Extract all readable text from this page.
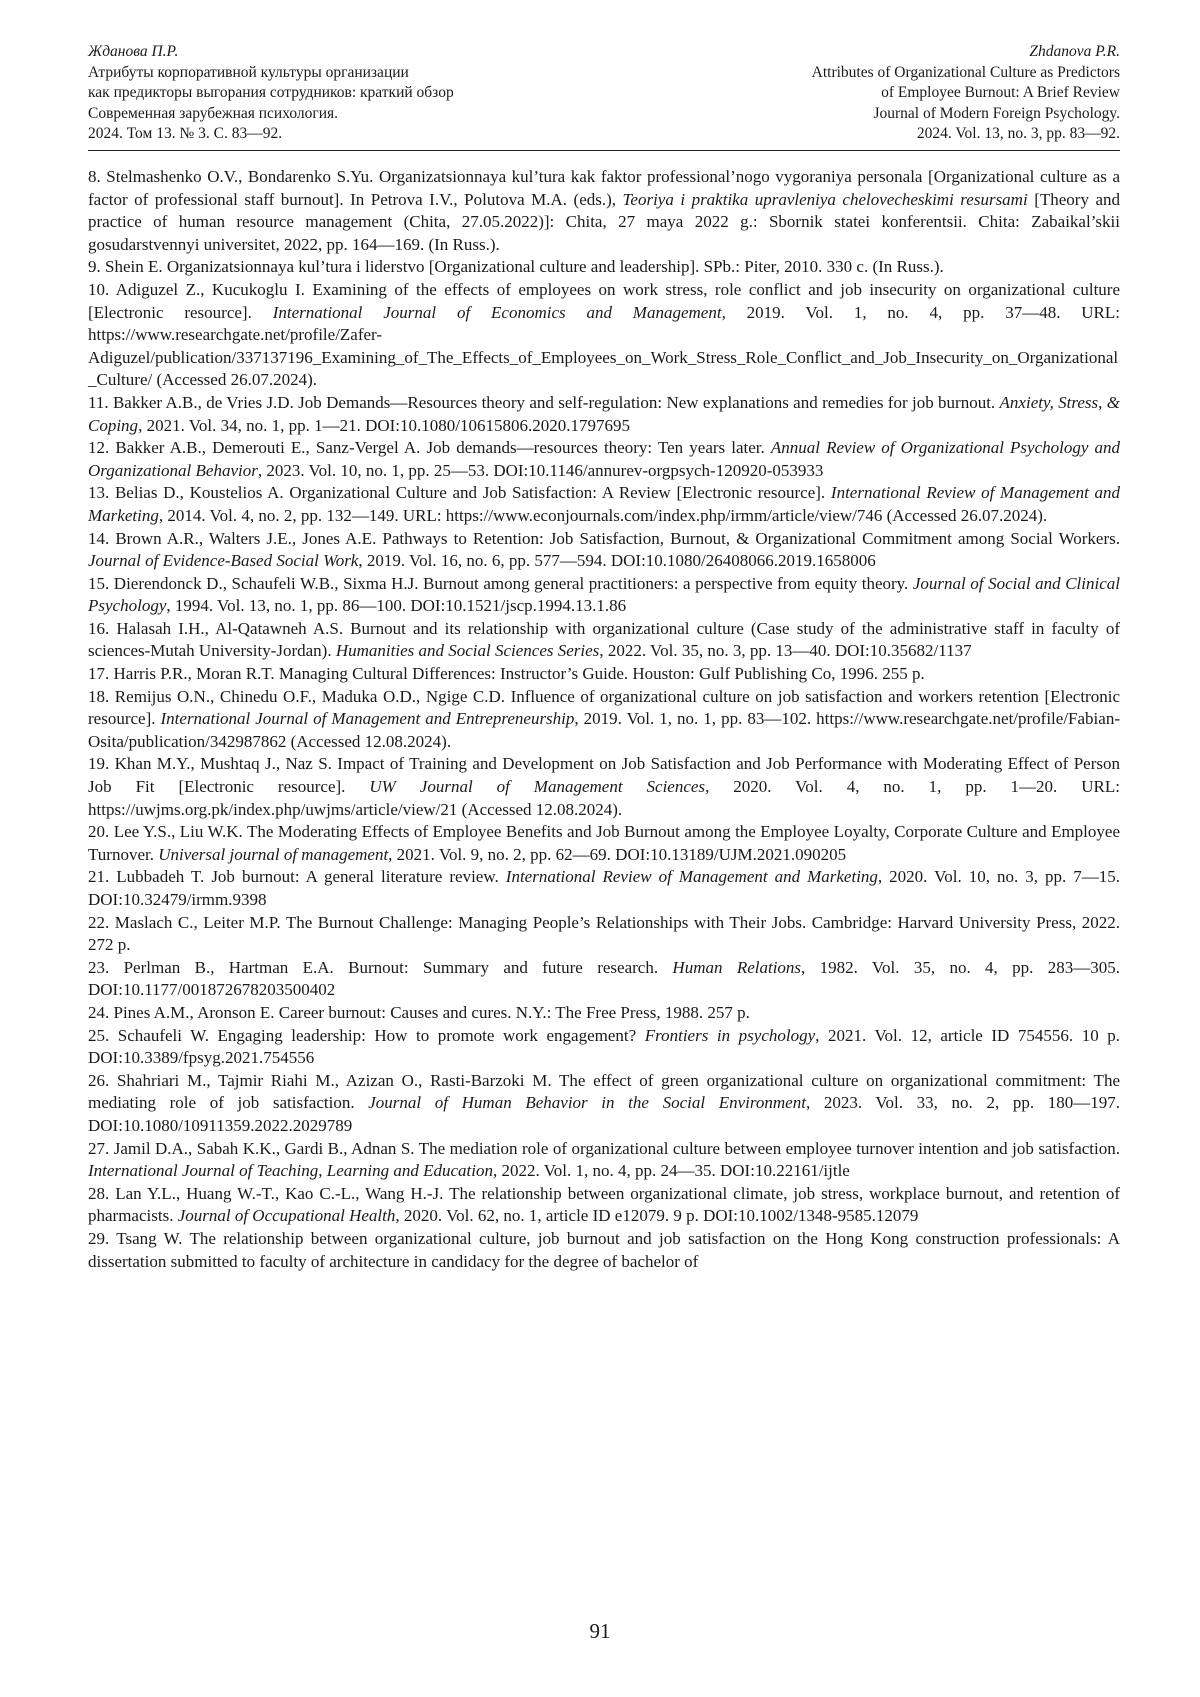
Жданова П.Р.
Атрибуты корпоративной культуры организации
как предикторы выгорания сотрудников: краткий обзор
Современная зарубежная психология.
2024. Том 13. № 3. С. 83—92.
Zhdanova P.R.
Attributes of Organizational Culture as Predictors
of Employee Burnout: A Brief Review
Journal of Modern Foreign Psychology.
2024. Vol. 13, no. 3, pp. 83—92.

8. Stelmashenko O.V., Bondarenko S.Yu. Organizatsionnaya kul’tura kak faktor professional’nogo vygoraniya personala [Organizational culture as a factor of professional staff burnout]. In Petrova I.V., Polutova M.A. (eds.), Teoriya i praktika upravleniya chelovecheskimi resursami [Theory and practice of human resource management (Chita, 27.05.2022)]: Chita, 27 maya 2022 g.: Sbornik statei konferentsii. Chita: Zabaikal’skii gosudarstvennyi universitet, 2022, pp. 164—169. (In Russ.).

9. Shein E. Organizatsionnaya kul’tura i liderstvo [Organizational culture and leadership]. SPb.: Piter, 2010. 330 c. (In Russ.).

10. Adiguzel Z., Kucukoglu I. Examining of the effects of employees on work stress, role conflict and job insecurity on organizational culture [Electronic resource]. International Journal of Economics and Management, 2019. Vol. 1, no. 4, pp. 37—48. URL: https://www.researchgate.net/profile/Zafer-Adiguzel/publication/337137196_Examining_of_The_Effects_of_Employees_on_Work_Stress_Role_Conflict_and_Job_Insecurity_on_Organizational_Culture/ (Accessed 26.07.2024).

11. Bakker A.B., de Vries J.D. Job Demands—Resources theory and self-regulation: New explanations and remedies for job burnout. Anxiety, Stress, & Coping, 2021. Vol. 34, no. 1, pp. 1—21. DOI:10.1080/10615806.2020.1797695

12. Bakker A.B., Demerouti E., Sanz-Vergel A. Job demands—resources theory: Ten years later. Annual Review of Organizational Psychology and Organizational Behavior, 2023. Vol. 10, no. 1, pp. 25—53. DOI:10.1146/annurev-orgpsych-120920-053933

13. Belias D., Koustelios A. Organizational Culture and Job Satisfaction: A Review [Electronic resource]. International Review of Management and Marketing, 2014. Vol. 4, no. 2, pp. 132—149. URL: https://www.econjournals.com/index.php/irmm/article/view/746 (Accessed 26.07.2024).

14. Brown A.R., Walters J.E., Jones A.E. Pathways to Retention: Job Satisfaction, Burnout, & Organizational Commitment among Social Workers. Journal of Evidence-Based Social Work, 2019. Vol. 16, no. 6, pp. 577—594. DOI:10.1080/26408066.2019.1658006

15. Dierendonck D., Schaufeli W.B., Sixma H.J. Burnout among general practitioners: a perspective from equity theory. Journal of Social and Clinical Psychology, 1994. Vol. 13, no. 1, pp. 86—100. DOI:10.1521/jscp.1994.13.1.86

16. Halasah I.H., Al-Qatawneh A.S. Burnout and its relationship with organizational culture (Case study of the administrative staff in faculty of sciences-Mutah University-Jordan). Humanities and Social Sciences Series, 2022. Vol. 35, no. 3, pp. 13—40. DOI:10.35682/1137

17. Harris P.R., Moran R.T. Managing Cultural Differences: Instructor’s Guide. Houston: Gulf Publishing Co, 1996. 255 p.

18. Remijus O.N., Chinedu O.F., Maduka O.D., Ngige C.D. Influence of organizational culture on job satisfaction and workers retention [Electronic resource]. International Journal of Management and Entrepreneurship, 2019. Vol. 1, no. 1, pp. 83—102. https://www.researchgate.net/profile/Fabian-Osita/publication/342987862 (Accessed 12.08.2024).

19. Khan M.Y., Mushtaq J., Naz S. Impact of Training and Development on Job Satisfaction and Job Performance with Moderating Effect of Person Job Fit [Electronic resource]. UW Journal of Management Sciences, 2020. Vol. 4, no. 1, pp. 1—20. URL: https://uwjms.org.pk/index.php/uwjms/article/view/21 (Accessed 12.08.2024).

20. Lee Y.S., Liu W.K. The Moderating Effects of Employee Benefits and Job Burnout among the Employee Loyalty, Corporate Culture and Employee Turnover. Universal journal of management, 2021. Vol. 9, no. 2, pp. 62—69. DOI:10.13189/UJM.2021.090205

21. Lubbadeh T. Job burnout: A general literature review. International Review of Management and Marketing, 2020. Vol. 10, no. 3, pp. 7—15. DOI:10.32479/irmm.9398

22. Maslach C., Leiter M.P. The Burnout Challenge: Managing People’s Relationships with Their Jobs. Cambridge: Harvard University Press, 2022. 272 p.

23. Perlman B., Hartman E.A. Burnout: Summary and future research. Human Relations, 1982. Vol. 35, no. 4, pp. 283—305. DOI:10.1177/001872678203500402

24. Pines A.M., Aronson E. Career burnout: Causes and cures. N.Y.: The Free Press, 1988. 257 p.

25. Schaufeli W. Engaging leadership: How to promote work engagement? Frontiers in psychology, 2021. Vol. 12, article ID 754556. 10 p. DOI:10.3389/fpsyg.2021.754556

26. Shahriari M., Tajmir Riahi M., Azizan O., Rasti-Barzoki M. The effect of green organizational culture on organizational commitment: The mediating role of job satisfaction. Journal of Human Behavior in the Social Environment, 2023. Vol. 33, no. 2, pp. 180—197. DOI:10.1080/10911359.2022.2029789

27. Jamil D.A., Sabah K.K., Gardi B., Adnan S. The mediation role of organizational culture between employee turnover intention and job satisfaction. International Journal of Teaching, Learning and Education, 2022. Vol. 1, no. 4, pp. 24—35. DOI:10.22161/ijtle

28. Lan Y.L., Huang W.-T., Kao C.-L., Wang H.-J. The relationship between organizational climate, job stress, workplace burnout, and retention of pharmacists. Journal of Occupational Health, 2020. Vol. 62, no. 1, article ID e12079. 9 p. DOI:10.1002/1348-9585.12079

29. Tsang W. The relationship between organizational culture, job burnout and job satisfaction on the Hong Kong construction professionals: A dissertation submitted to faculty of architecture in candidacy for the degree of bachelor of

91
